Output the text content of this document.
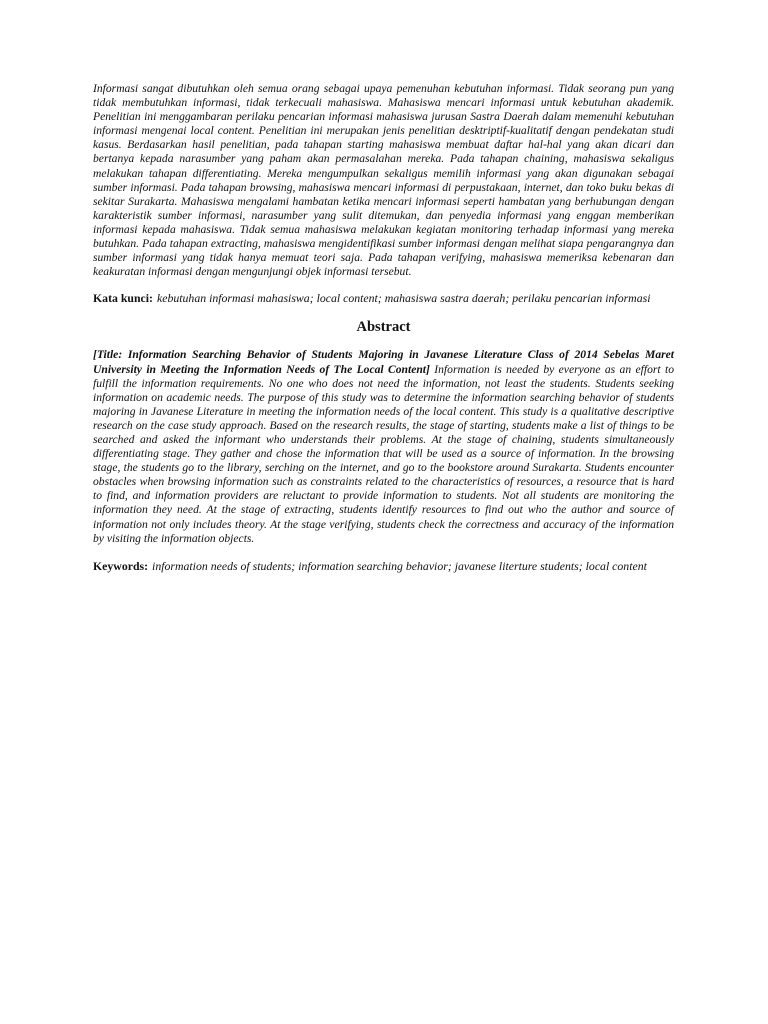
Informasi sangat dibutuhkan oleh semua orang sebagai upaya pemenuhan kebutuhan informasi. Tidak seorang pun yang tidak membutuhkan informasi, tidak terkecuali mahasiswa. Mahasiswa mencari informasi untuk kebutuhan akademik. Penelitian ini menggambaran perilaku pencarian informasi mahasiswa jurusan Sastra Daerah dalam memenuhi kebutuhan informasi mengenai local content. Penelitian ini merupakan jenis penelitian desktriptif-kualitatif dengan pendekatan studi kasus. Berdasarkan hasil penelitian, pada tahapan starting mahasiswa membuat daftar hal-hal yang akan dicari dan bertanya kepada narasumber yang paham akan permasalahan mereka. Pada tahapan chaining, mahasiswa sekaligus melakukan tahapan differentiating. Mereka mengumpulkan sekaligus memilih informasi yang akan digunakan sebagai sumber informasi. Pada tahapan browsing, mahasiswa mencari informasi di perpustakaan, internet, dan toko buku bekas di sekitar Surakarta. Mahasiswa mengalami hambatan ketika mencari informasi seperti hambatan yang berhubungan dengan karakteristik sumber informasi, narasumber yang sulit ditemukan, dan penyedia informasi yang enggan memberikan informasi kepada mahasiswa. Tidak semua mahasiswa melakukan kegiatan monitoring terhadap informasi yang mereka butuhkan. Pada tahapan extracting, mahasiswa mengidentifikasi sumber informasi dengan melihat siapa pengarangnya dan sumber informasi yang tidak hanya memuat teori saja. Pada tahapan verifying, mahasiswa memeriksa kebenaran dan keakuratan informasi dengan mengunjungi objek informasi tersebut.

Kata kunci: kebutuhan informasi mahasiswa; local content; mahasiswa sastra daerah; perilaku pencarian informasi
Abstract

[Title: Information Searching Behavior of Students Majoring in Javanese Literature Class of 2014 Sebelas Maret University in Meeting the Information Needs of The Local Content] Information is needed by everyone as an effort to fulfill the information requirements. No one who does not need the information, not least the students. Students seeking information on academic needs. The purpose of this study was to determine the information searching behavior of students majoring in Javanese Literature in meeting the information needs of the local content. This study is a qualitative descriptive research on the case study approach. Based on the research results, the stage of starting, students make a list of things to be searched and asked the informant who understands their problems. At the stage of chaining, students simultaneously differentiating stage. They gather and chose the information that will be used as a source of information. In the browsing stage, the students go to the library, serching on the internet, and go to the bookstore around Surakarta. Students encounter obstacles when browsing information such as constraints related to the characteristics of resources, a resource that is hard to find, and information providers are reluctant to provide information to students. Not all students are monitoring the information they need. At the stage of extracting, students identify resources to find out who the author and source of information not only includes theory. At the stage verifying, students check the correctness and accuracy of the information by visiting the information objects.

Keywords: information needs of students; information searching behavior; javanese literture students; local content
